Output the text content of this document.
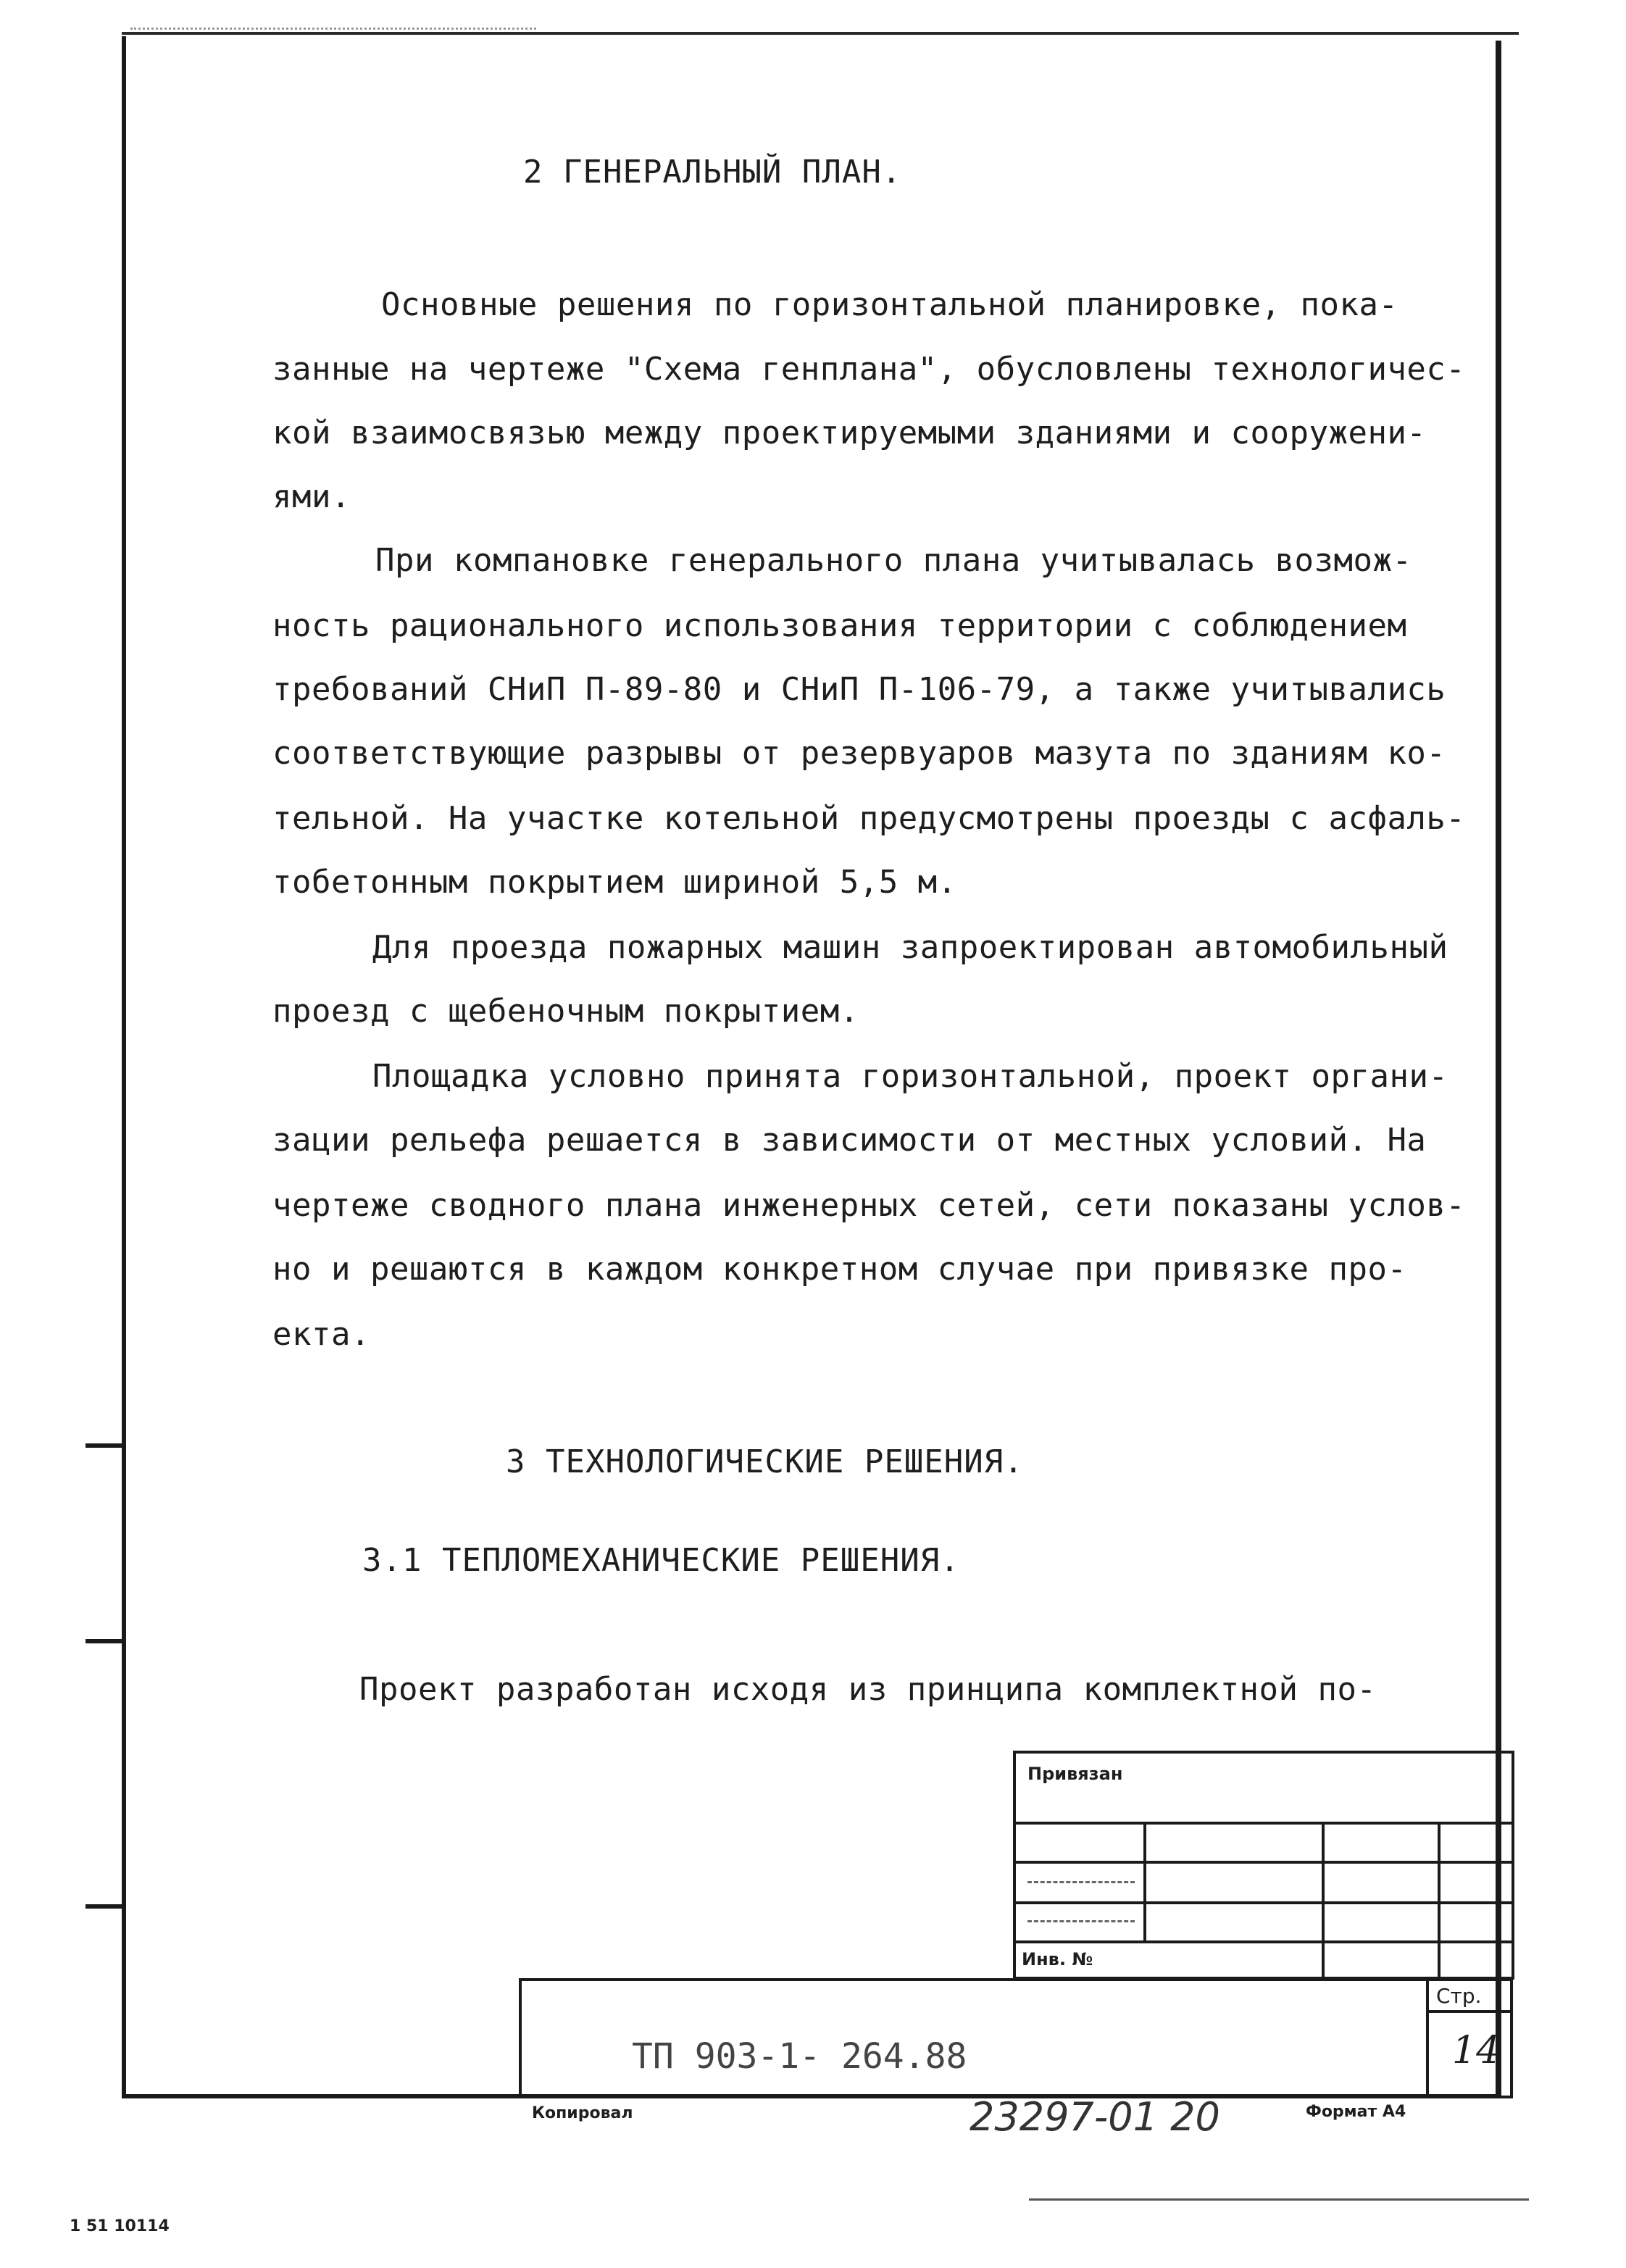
2 ГЕНЕРАЛЬНЫЙ ПЛАН.
Основные решения по горизонтальной планировке, пока-
занные на чертеже "Схема генплана", обусловлены технологичес-
кой взаимосвязью между проектируемыми зданиями и сооружени-
ями.
При компановке генерального плана учитывалась возмож-
ность рационального использования территории с соблюдением
требований СНиП П-89-80 и СНиП П-106-79, а также учитывались
соответствующие разрывы от резервуаров мазута по зданиям ко-
тельной. На участке котельной предусмотрены проезды с асфаль-
тобетонным покрытием шириной 5,5 м.
Для проезда пожарных машин запроектирован автомобильный
проезд с щебеночным покрытием.
Площадка условно принята горизонтальной, проект органи-
зации рельефа решается в зависимости от местных условий. На
чертеже сводного плана инженерных сетей, сети показаны услов-
но и решаются в каждом конкретном случае при привязке про-
екта.
3 ТЕХНОЛОГИЧЕСКИЕ РЕШЕНИЯ.
3.1 ТЕПЛОМЕХАНИЧЕСКИЕ РЕШЕНИЯ.
Проект разработан исходя из принципа комплектной по-
Привязан
Инв. №
Стр.
14
ТП 903-1- 264.88
Копировал	23297-01 20	Формат А4
1 51 10114
